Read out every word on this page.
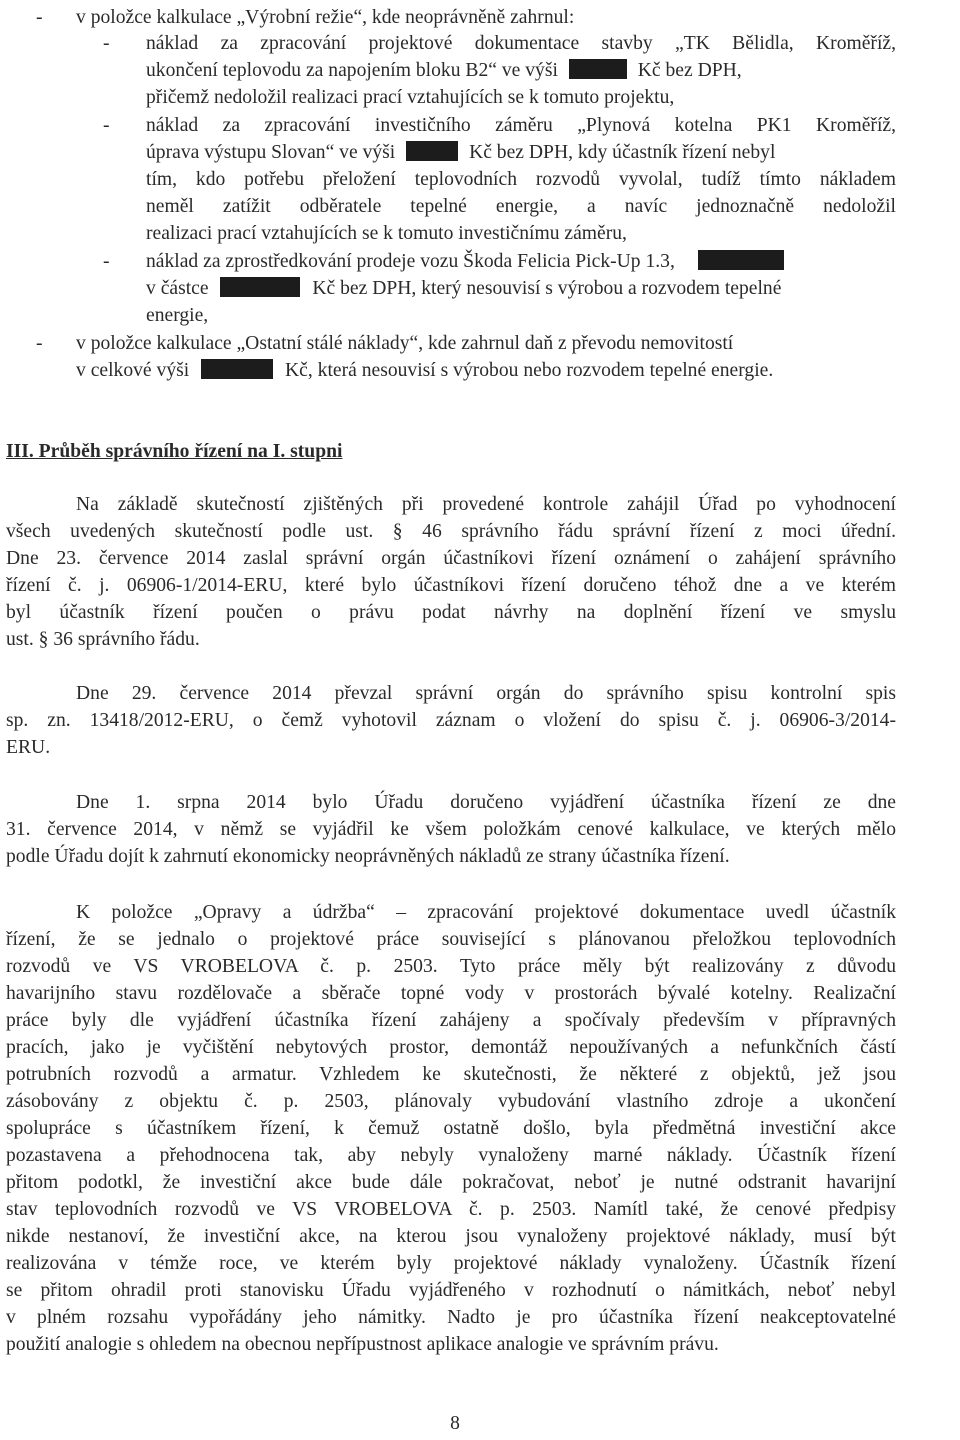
- v položce kalkulace „Výrobní režie“, kde neoprávněně zahrnul:
- náklad za zpracování projektové dokumentace stavby „TK Bělidla, Kroměříž,
ukončení teplovodu za napojením bloku B2“ ve výši	Kč bez DPH,
přičemž nedoložil realizaci prací vztahujících se k tomuto projektu,
- náklad za zpracování investičního záměru „Plynová kotelna PK1 Kroměříž,
úprava výstupu Slovan“ ve výši	Kč bez DPH, kdy účastník řízení nebyl
tím, kdo potřebu přeložení teplovodních rozvodů vyvolal, tudíž tímto nákladem
neměl zatížit odběratele tepelné energie, a navíc jednoznačně nedoložil
realizaci prací vztahujících se k tomuto investičnímu záměru,
- náklad za zprostředkování prodeje vozu Škoda Felicia Pick-Up 1.3,
v částce	Kč bez DPH, který nesouvisí s výrobou a rozvodem tepelné
energie,
- v položce kalkulace „Ostatní stálé náklady“, kde zahrnul daň z převodu nemovitostí
v celkové výši	Kč, která nesouvisí s výrobou nebo rozvodem tepelné energie.
III. Průběh správního řízení na I. stupni
Na základě skutečností zjištěných při provedené kontrole zahájil Úřad po vyhodnocení
všech uvedených skutečností podle ust. § 46 správního řádu správní řízení z moci úřední.
Dne 23. července 2014 zaslal správní orgán účastníkovi řízení oznámení o zahájení správního
řízení č. j. 06906-1/2014-ERU, které bylo účastníkovi řízení doručeno téhož dne a ve kterém
byl účastník řízení poučen o právu podat návrhy na doplnění řízení ve smyslu
ust. § 36 správního řádu.
Dne 29. července 2014 převzal správní orgán do správního spisu kontrolní spis
sp. zn. 13418/2012-ERU, o čemž vyhotovil záznam o vložení do spisu č. j. 06906-3/2014-
ERU.
Dne 1. srpna 2014 bylo Úřadu doručeno vyjádření účastníka řízení ze dne
31. července 2014, v němž se vyjádřil ke všem položkám cenové kalkulace, ve kterých mělo
podle Úřadu dojít k zahrnutí ekonomicky neoprávněných nákladů ze strany účastníka řízení.
K položce „Opravy a údržba“ – zpracování projektové dokumentace uvedl účastník
řízení, že se jednalo o projektové práce související s plánovanou přeložkou teplovodních
rozvodů ve VS VROBELOVA č. p. 2503. Tyto práce měly být realizovány z důvodu
havarijního stavu rozdělovače a sběrače topné vody v prostorách bývalé kotelny. Realizační
práce byly dle vyjádření účastníka řízení zahájeny a spočívaly především v přípravných
pracích, jako je vyčištění nebytových prostor, demontáž nepoužívaných a nefunkčních částí
potrubních rozvodů a armatur. Vzhledem ke skutečnosti, že některé z objektů, jež jsou
zásobovány z objektu č. p. 2503, plánovaly vybudování vlastního zdroje a ukončení
spolupráce s účastníkem řízení, k čemuž ostatně došlo, byla předmětná investiční akce
pozastavena a přehodnocena tak, aby nebyly vynaloženy marné náklady. Účastník řízení
přitom podotkl, že investiční akce bude dále pokračovat, neboť je nutné odstranit havarijní
stav teplovodních rozvodů ve VS VROBELOVA č. p. 2503. Namítl také, že cenové předpisy
nikde nestanoví, že investiční akce, na kterou jsou vynaloženy projektové náklady, musí být
realizována v témže roce, ve kterém byly projektové náklady vynaloženy. Účastník řízení
se přitom ohradil proti stanovisku Úřadu vyjádřeného v rozhodnutí o námitkách, neboť nebyl
v plném rozsahu vypořádány jeho námitky. Nadto je pro účastníka řízení neakceptovatelné
použití analogie s ohledem na obecnou nepřípustnost aplikace analogie ve správním právu.
8
